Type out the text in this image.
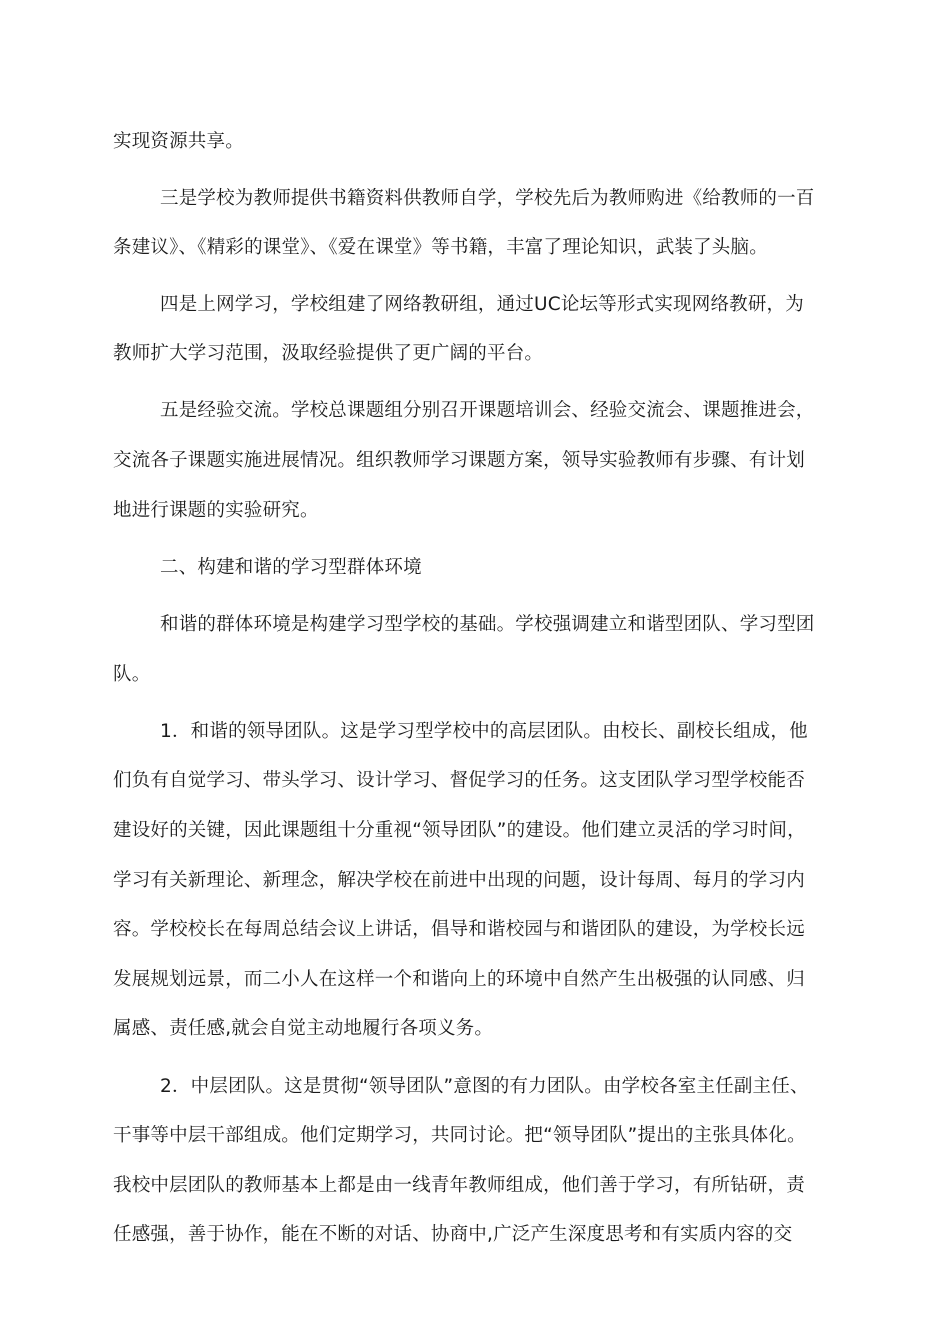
实现资源共享。
三是学校为教师提供书籍资料供教师自学，学校先后为教师购进《给教师的一百
条建议》、《精彩的课堂》、《爱在课堂》等书籍，丰富了理论知识，武装了头脑。
四是上网学习，学校组建了网络教研组，通过UC论坛等形式实现网络教研，为
教师扩大学习范围，汲取经验提供了更广阔的平台。
五是经验交流。学校总课题组分别召开课题培训会、经验交流会、课题推进会，
交流各子课题实施进展情况。组织教师学习课题方案，领导实验教师有步骤、有计划
地进行课题的实验研究。
二、构建和谐的学习型群体环境
和谐的群体环境是构建学习型学校的基础。学校强调建立和谐型团队、学习型团
队。
1．和谐的领导团队。这是学习型学校中的高层团队。由校长、副校长组成，他
们负有自觉学习、带头学习、设计学习、督促学习的任务。这支团队学习型学校能否
建设好的关键，因此课题组十分重视“领导团队”的建设。他们建立灵活的学习时间，
学习有关新理论、新理念，解决学校在前进中出现的问题，设计每周、每月的学习内
容。学校校长在每周总结会议上讲话，倡导和谐校园与和谐团队的建设，为学校长远
发展规划远景，而二小人在这样一个和谐向上的环境中自然产生出极强的认同感、归
属感、责任感,就会自觉主动地履行各项义务。
2．中层团队。这是贯彻“领导团队”意图的有力团队。由学校各室主任副主任、
干事等中层干部组成。他们定期学习，共同讨论。把“领导团队”提出的主张具体化。
我校中层团队的教师基本上都是由一线青年教师组成，他们善于学习，有所钻研，责
任感强，善于协作，能在不断的对话、协商中,广泛产生深度思考和有实质内容的交
